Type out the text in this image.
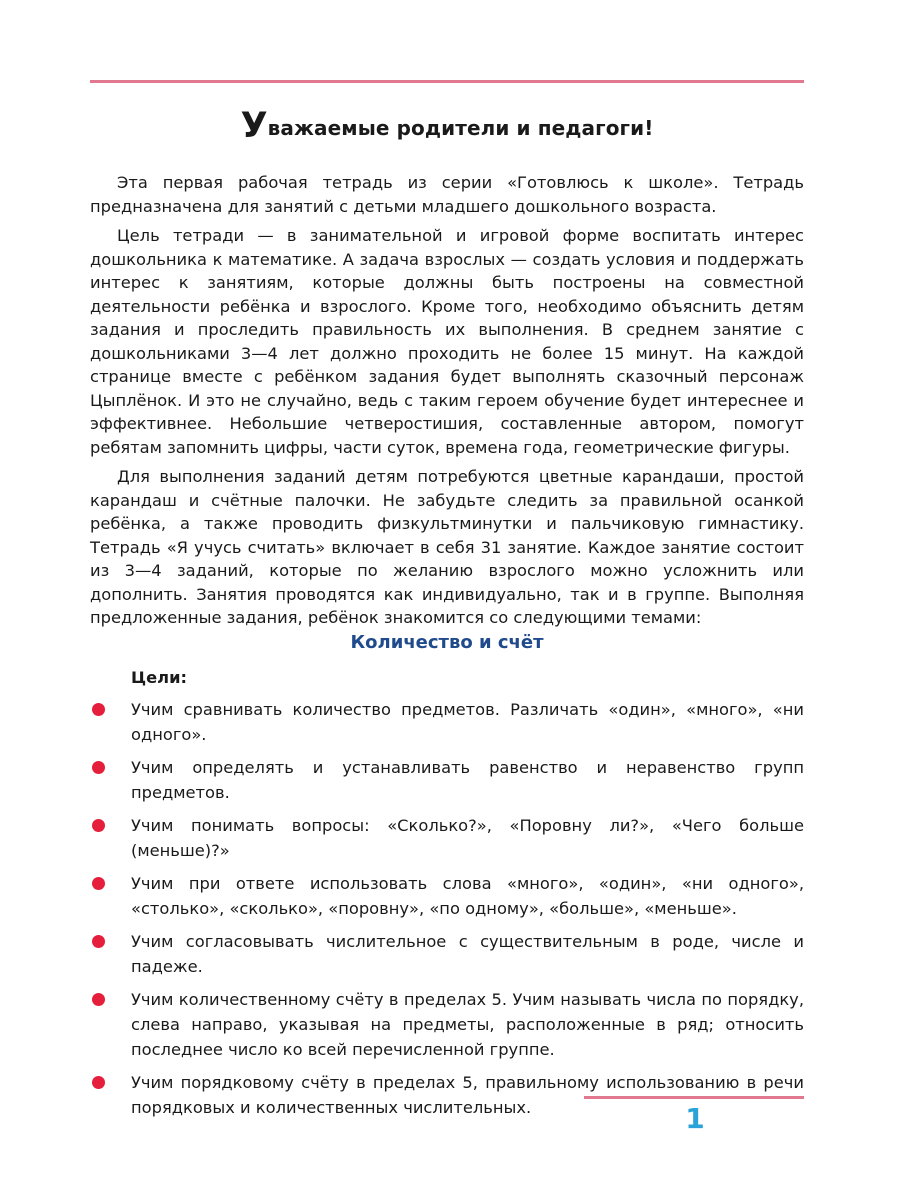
Уважаемые родители и педагоги!

Эта первая рабочая тетрадь из серии «Готовлюсь к школе». Тетрадь предназначена для занятий с детьми младшего дошкольного возраста.

Цель тетради — в занимательной и игровой форме воспитать интерес дошкольника к математике. А задача взрослых — создать условия и поддержать интерес к занятиям, которые должны быть построены на совместной деятельности ребёнка и взрослого. Кроме того, необходимо объяснить детям задания и проследить правильность их выполнения. В среднем занятие с дошкольниками 3—4 лет должно проходить не более 15 минут. На каждой странице вместе с ребёнком задания будет выполнять сказочный персонаж Цыплёнок. И это не случайно, ведь с таким героем обучение будет интереснее и эффективнее. Небольшие четверостишия, составленные автором, помогут ребятам запомнить цифры, части суток, времена года, геометрические фигуры.

Для выполнения заданий детям потребуются цветные карандаши, простой карандаш и счётные палочки. Не забудьте следить за правильной осанкой ребёнка, а также проводить физкультминутки и пальчиковую гимнастику. Тетрадь «Я учусь считать» включает в себя 31 занятие. Каждое занятие состоит из 3—4 заданий, которые по желанию взрослого можно усложнить или дополнить. Занятия проводятся как индивидуально, так и в группе. Выполняя предложенные задания, ребёнок знакомится со следующими темами:

Количество и счёт
Цели:
Учим сравнивать количество предметов. Различать «один», «много», «ни одного».
Учим определять и устанавливать равенство и неравенство групп предметов.
Учим понимать вопросы: «Сколько?», «Поровну ли?», «Чего больше (меньше)?»
Учим при ответе использовать слова «много», «один», «ни одного», «столько», «сколько», «поровну», «по одному», «больше», «меньше».
Учим согласовывать числительное с существительным в роде, числе и падеже.
Учим количественному счёту в пределах 5. Учим называть числа по порядку, слева направо, указывая на предметы, расположенные в ряд; относить последнее число ко всей перечисленной группе.
Учим порядковому счёту в пределах 5, правильному использованию в речи порядковых и количественных числительных.	1
